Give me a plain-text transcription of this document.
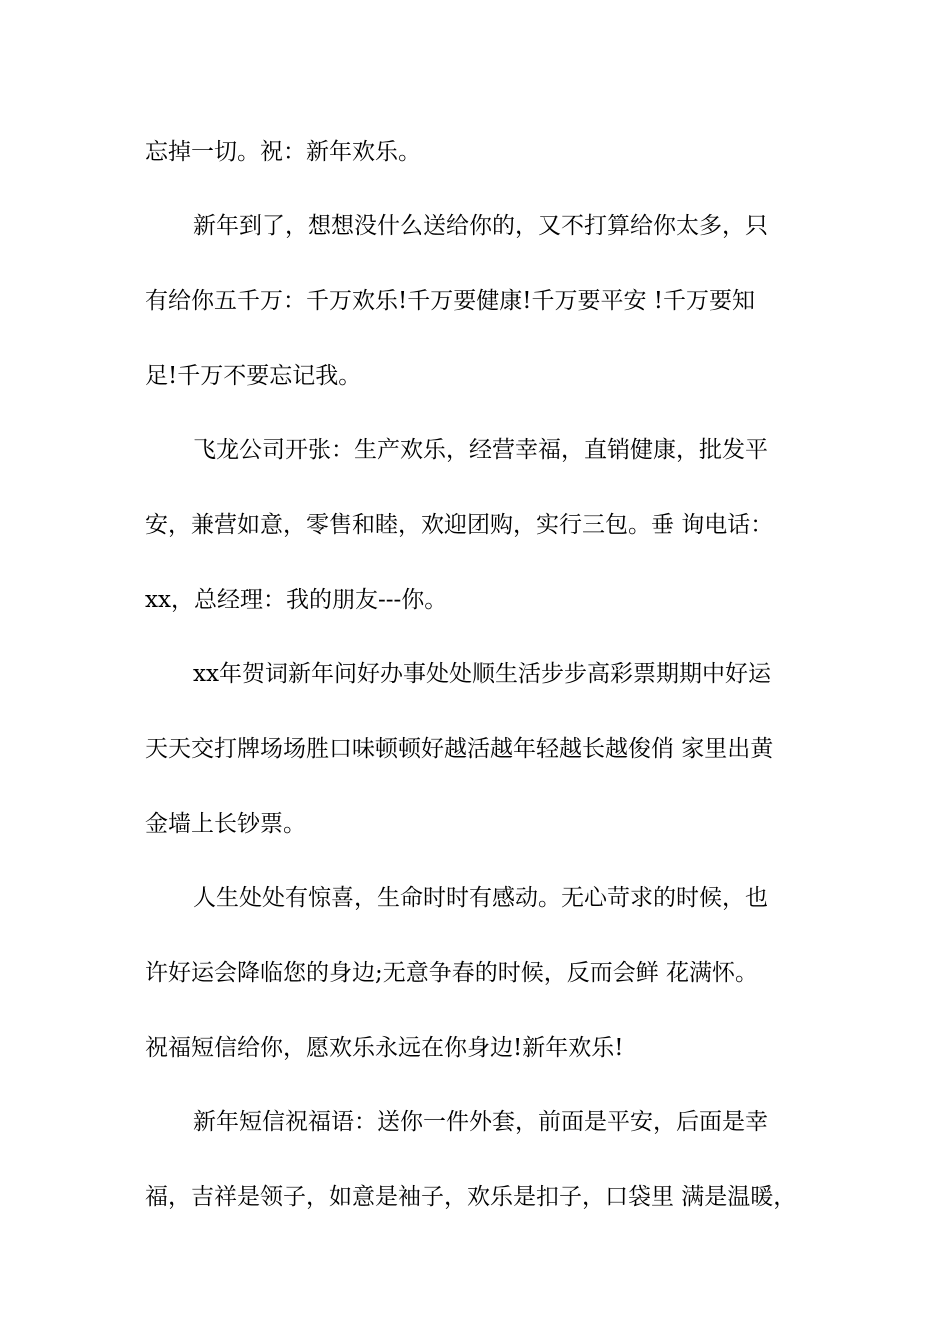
忘掉一切。祝：新年欢乐。
新年到了，想想没什么送给你的，又不打算给你太多，只
有给你五千万：千万欢乐!千万要健康!千万要平安 !千万要知
足!千万不要忘记我。
飞龙公司开张：生产欢乐，经营幸福，直销健康，批发平
安，兼营如意，零售和睦，欢迎团购，实行三包。垂 询电话：
xx，总经理：我的朋友---你。
xx年贺词新年问好办事处处顺生活步步高彩票期期中好运
天天交打牌场场胜口味顿顿好越活越年轻越长越俊俏 家里出黄
金墙上长钞票。
人生处处有惊喜，生命时时有感动。无心苛求的时候，也
许好运会降临您的身边;无意争春的时候，反而会鲜 花满怀。
祝福短信给你，愿欢乐永远在你身边!新年欢乐!
新年短信祝福语：送你一件外套，前面是平安，后面是幸
福，吉祥是领子，如意是袖子，欢乐是扣子，口袋里 满是温暖，
